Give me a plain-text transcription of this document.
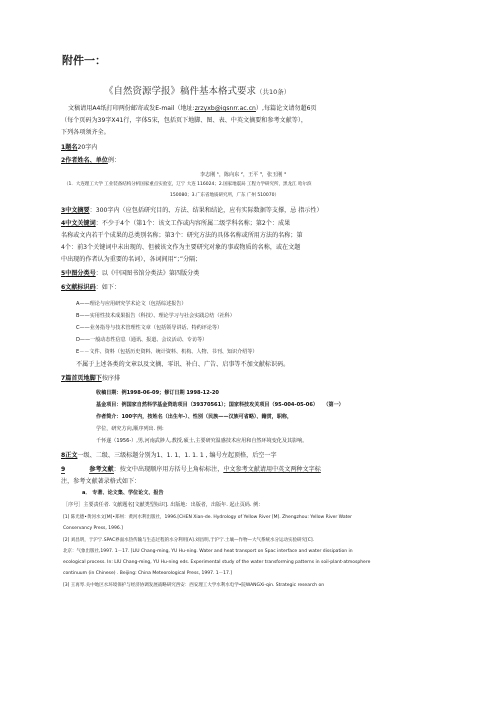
附件一：
《自然资源学报》稿件基本格式要求（共10条）
文稿请用A4纸打印两份邮寄或发E-mail（地址:zrzyxb@igsnrr.ac.cn）,每篇论文请勿超6页
（每个页码为39字X41行，字体5宋，包括页下地脚、图、表、中英文摘要和参考文献等），
下列各项须齐全。
1题名20字内
2作者姓名、单位例：
李志刚 ¹，陈向东 ²，王平 ³，张玉刚 ⁴
（1．大连理工大学 工业装备结构分析国家重点实验室，辽宁 大连 116024；2.国家地震局 工程力学研究所，黑龙江 哈尔滨
150080；3.广东省地质研究所，广东 广州 510070）
3中文摘要：300字内（应包括研究目的、方法、结果和结论，应有实际数据等支撑，忌 指示性）
4中文关键词：不少于4个（第1个：该文工作或内容所属二级学科名称；第2个：成果
名称或文内若干个成果的总类别名称；第3个：研究方法的具体名称或所用方法的名称；第
4个：前3个关键词中未出现的、但被该文作为主要研究对象的事或物质的名称，或在文题
中出现的作者认为重要的名词），各词间用“；”分隔；
5中图分类号：以《中国图书馆分类法》第四版分类
6文献标识码：如下：
A——理论与应用研究学术论文（包括综述报告）
B——实用性技术成果报告（科技）、理论学习与社会实践总结（社科）
C——业务指导与技术管理性文章（包括领导讲话、特约评论等）
D——一般动态性信息（通讯、报道、会议活动、专访等）
E－－文件、资料（包括历史资料、统计资料、机构、人物、书刊、知识介绍等）
不属于上述各类的文章以及文摘、零讯、补白、广告、启事等不加文献标识码。
7篇首页地脚下按序排
收稿日期：例1998-06-09；修订日期 1998-12-20
基金项目：例国家自然科学基金资助项目（39370561）；国家科技攻关项目（95-004-05-06） （第一）
作者简介：100字内，按姓名（出生年-）、性别（民族——汉族可省略）、籍贯，职称，
学位，研究方向,顺序列出. 例:
千怀遂（1956-）,男,河南武陟人,教授,硕士,主要研究温感技术应用和自然环境变化及其影响。
8正文一级、二级、三级标题分别为1、1. 1、1. 1. 1 , 编号左起顶格，后空一字
9	参考文献：按文中出现顺序用方括号上角标标注，中文参考文献请用中英文两种文字标
注，参考文献著录格式如下：
a． 专著、论文集、学位论文、报告
［序号］主要责任者. 文献题名[文献类型标识]. 出版地：出版者，出版年. 起止页码. 例：
[1] 陈光德•黄河水文[M]•郑州：黄河水利出版社，1996.[CHEN Xian-de. Hydrology of Yellow River [M]. Zhengzhou: Yellow River Water
Conservancy Press, 1996.]
[2] 刘昌明，于沪宁.SPAC界面水热传输与生态过程的水分利用[A].刘昌明,于沪宁.土壤—作物—大气系统水分运动实验研究[C].
北京：气象出版社,1997. 1－17. [LIU Chang-ming, YU Hu-ning. Water and heat transport on Spac interface and water dissipation in
ecological process. In: LIU Chang-ming, YU Hu-ning eds. Experimental study of the water transforming patterns in soil-plant-atmosphere
continuum (in Chinese) . Beijing: China Meteorological Press, 1997. 1－17.]
[3] 王再琴.关中地区水环境保护与经济协调发展战略研究西安：西安理工大学水利水电学•院WANGXi-qin. Strategic research on
